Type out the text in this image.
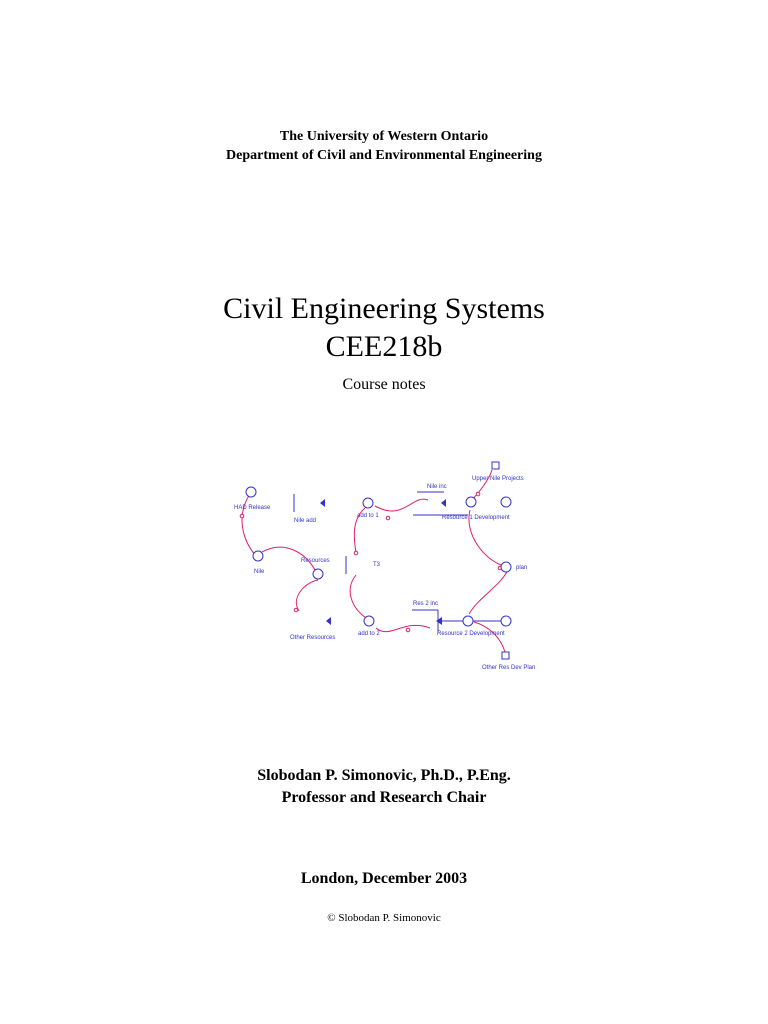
The University of Western Ontario
Department of Civil and Environmental Engineering
Civil Engineering Systems
CEE218b
Course notes
HAD Release
Nile add
add to 1
Nile inc
Upper Nile Projects
Resource 1 Development
Resources
Nile
T3	plan
Res 2 inc
Other Resources
add to 2	Resource 2 Development
Other Res Dev Plan
Slobodan P. Simonovic, Ph.D., P.Eng.
Professor and Research Chair
London, December 2003
© Slobodan P. Simonovic
